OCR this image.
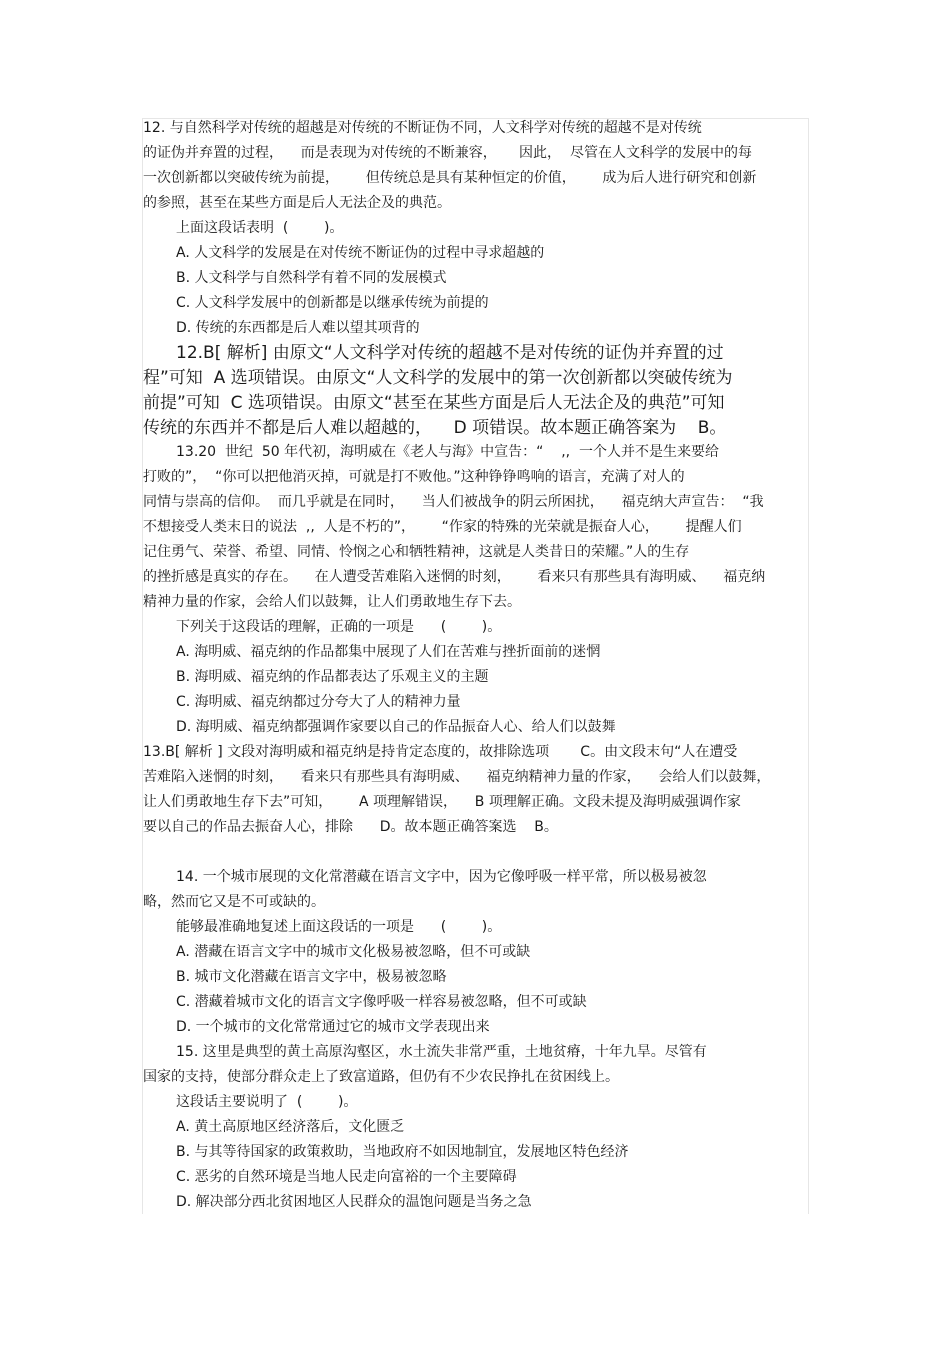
12. 与自然科学对传统的超越是对传统的不断证伪不同，人文科学对传统的超越不是对传统
的证伪并弃置的过程，    而是表现为对传统的不断兼容，     因此，  尽管在人文科学的发展中的每
一次创新都以突破传统为前提，      但传统总是具有某种恒定的价值，      成为后人进行研究和创新
的参照，甚至在某些方面是后人无法企及的典范。
上面这段话表明  (        )。
A. 人文科学的发展是在对传统不断证伪的过程中寻求超越的
B. 人文科学与自然科学有着不同的发展模式
C. 人文科学发展中的创新都是以继承传统为前提的
D. 传统的东西都是后人难以望其项背的
12.B[ 解析] 由原文“人文科学对传统的超越不是对传统的证伪并弃置的过
程”可知  A 选项错误。由原文“人文科学的发展中的第一次创新都以突破传统为
前提”可知  C 选项错误。由原文“甚至在某些方面是后人无法企及的典范”可知
传统的东西并不都是后人难以超越的，    D 项错误。故本题正确答案为    B。
13.20  世纪  50 年代初，海明威在《老人与海》中宣告：“    ,,  一个人并不是生来要给
打败的”，  “你可以把他消灭掉，可就是打不败他。”这种铮铮鸣响的语言，充满了对人的
同情与崇高的信仰。  而几乎就是在同时，    当人们被战争的阴云所困扰，    福克纳大声宣告：  “我
不想接受人类末日的说法  ,,  人是不朽的”，      “作家的特殊的光荣就是振奋人心，      提醒人们
记住勇气、荣誉、希望、同情、怜悯之心和牺牲精神，这就是人类昔日的荣耀。”人的生存
的挫折感是真实的存在。    在人遭受苦难陷入迷惘的时刻，      看来只有那些具有海明威、    福克纳
精神力量的作家，会给人们以鼓舞，让人们勇敢地生存下去。
下列关于这段话的理解，正确的一项是      (        )。
A. 海明威、福克纳的作品都集中展现了人们在苦难与挫折面前的迷惘
B. 海明威、福克纳的作品都表达了乐观主义的主题
C. 海明威、福克纳都过分夸大了人的精神力量
D. 海明威、福克纳都强调作家要以自己的作品振奋人心、给人们以鼓舞
13.B[ 解析 ] 文段对海明威和福克纳是持肯定态度的，故排除选项       C。由文段末句“人在遭受
苦难陷入迷惘的时刻，    看来只有那些具有海明威、    福克纳精神力量的作家，    会给人们以鼓舞，
让人们勇敢地生存下去”可知，      A 项理解错误，    B 项理解正确。文段未提及海明威强调作家
要以自己的作品去振奋人心，排除      D。故本题正确答案选    B。
14. 一个城市展现的文化常潜藏在语言文字中，因为它像呼吸一样平常，所以极易被忽
略，然而它又是不可或缺的。
能够最准确地复述上面这段话的一项是      (        )。
A. 潜藏在语言文字中的城市文化极易被忽略，但不可或缺
B. 城市文化潜藏在语言文字中，极易被忽略
C. 潜藏着城市文化的语言文字像呼吸一样容易被忽略，但不可或缺
D. 一个城市的文化常常通过它的城市文学表现出来
15. 这里是典型的黄土高原沟壑区，水土流失非常严重，土地贫瘠，十年九旱。尽管有
国家的支持，使部分群众走上了致富道路，但仍有不少农民挣扎在贫困线上。
这段话主要说明了  (        )。
A. 黄土高原地区经济落后，文化匮乏
B. 与其等待国家的政策救助，当地政府不如因地制宜，发展地区特色经济
C. 恶劣的自然环境是当地人民走向富裕的一个主要障碍
D. 解决部分西北贫困地区人民群众的温饱问题是当务之急
